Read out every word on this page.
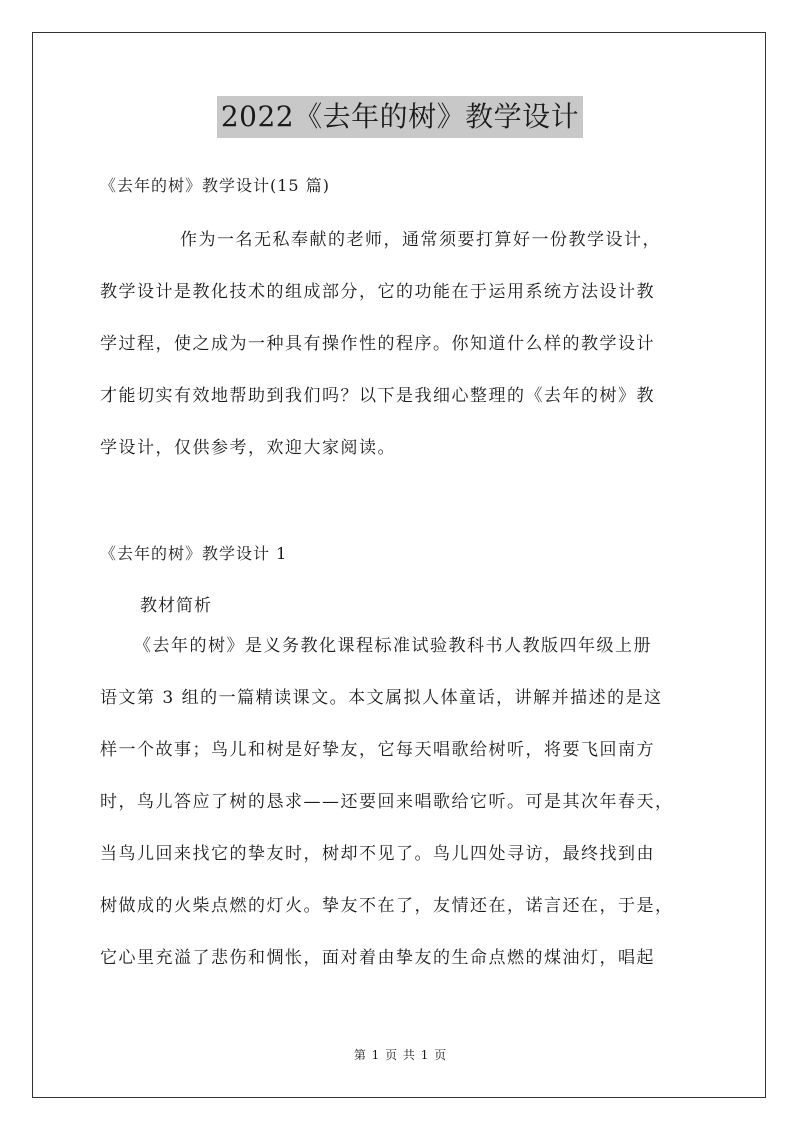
2022《去年的树》教学设计
《去年的树》教学设计(15 篇)
作为一名无私奉献的老师，通常须要打算好一份教学设计，
教学设计是教化技术的组成部分，它的功能在于运用系统方法设计教
学过程，使之成为一种具有操作性的程序。你知道什么样的教学设计
才能切实有效地帮助到我们吗？以下是我细心整理的《去年的树》教
学设计，仅供参考，欢迎大家阅读。
《去年的树》教学设计 1
教材简析
《去年的树》是义务教化课程标准试验教科书人教版四年级上册
语文第 3 组的一篇精读课文。本文属拟人体童话，讲解并描述的是这
样一个故事；鸟儿和树是好挚友，它每天唱歌给树听，将要飞回南方
时，鸟儿答应了树的恳求——还要回来唱歌给它听。可是其次年春天，
当鸟儿回来找它的挚友时，树却不见了。鸟儿四处寻访，最终找到由
树做成的火柴点燃的灯火。挚友不在了，友情还在，诺言还在，于是，
它心里充溢了悲伤和惆怅，面对着由挚友的生命点燃的煤油灯，唱起
第 1 页 共 1 页
